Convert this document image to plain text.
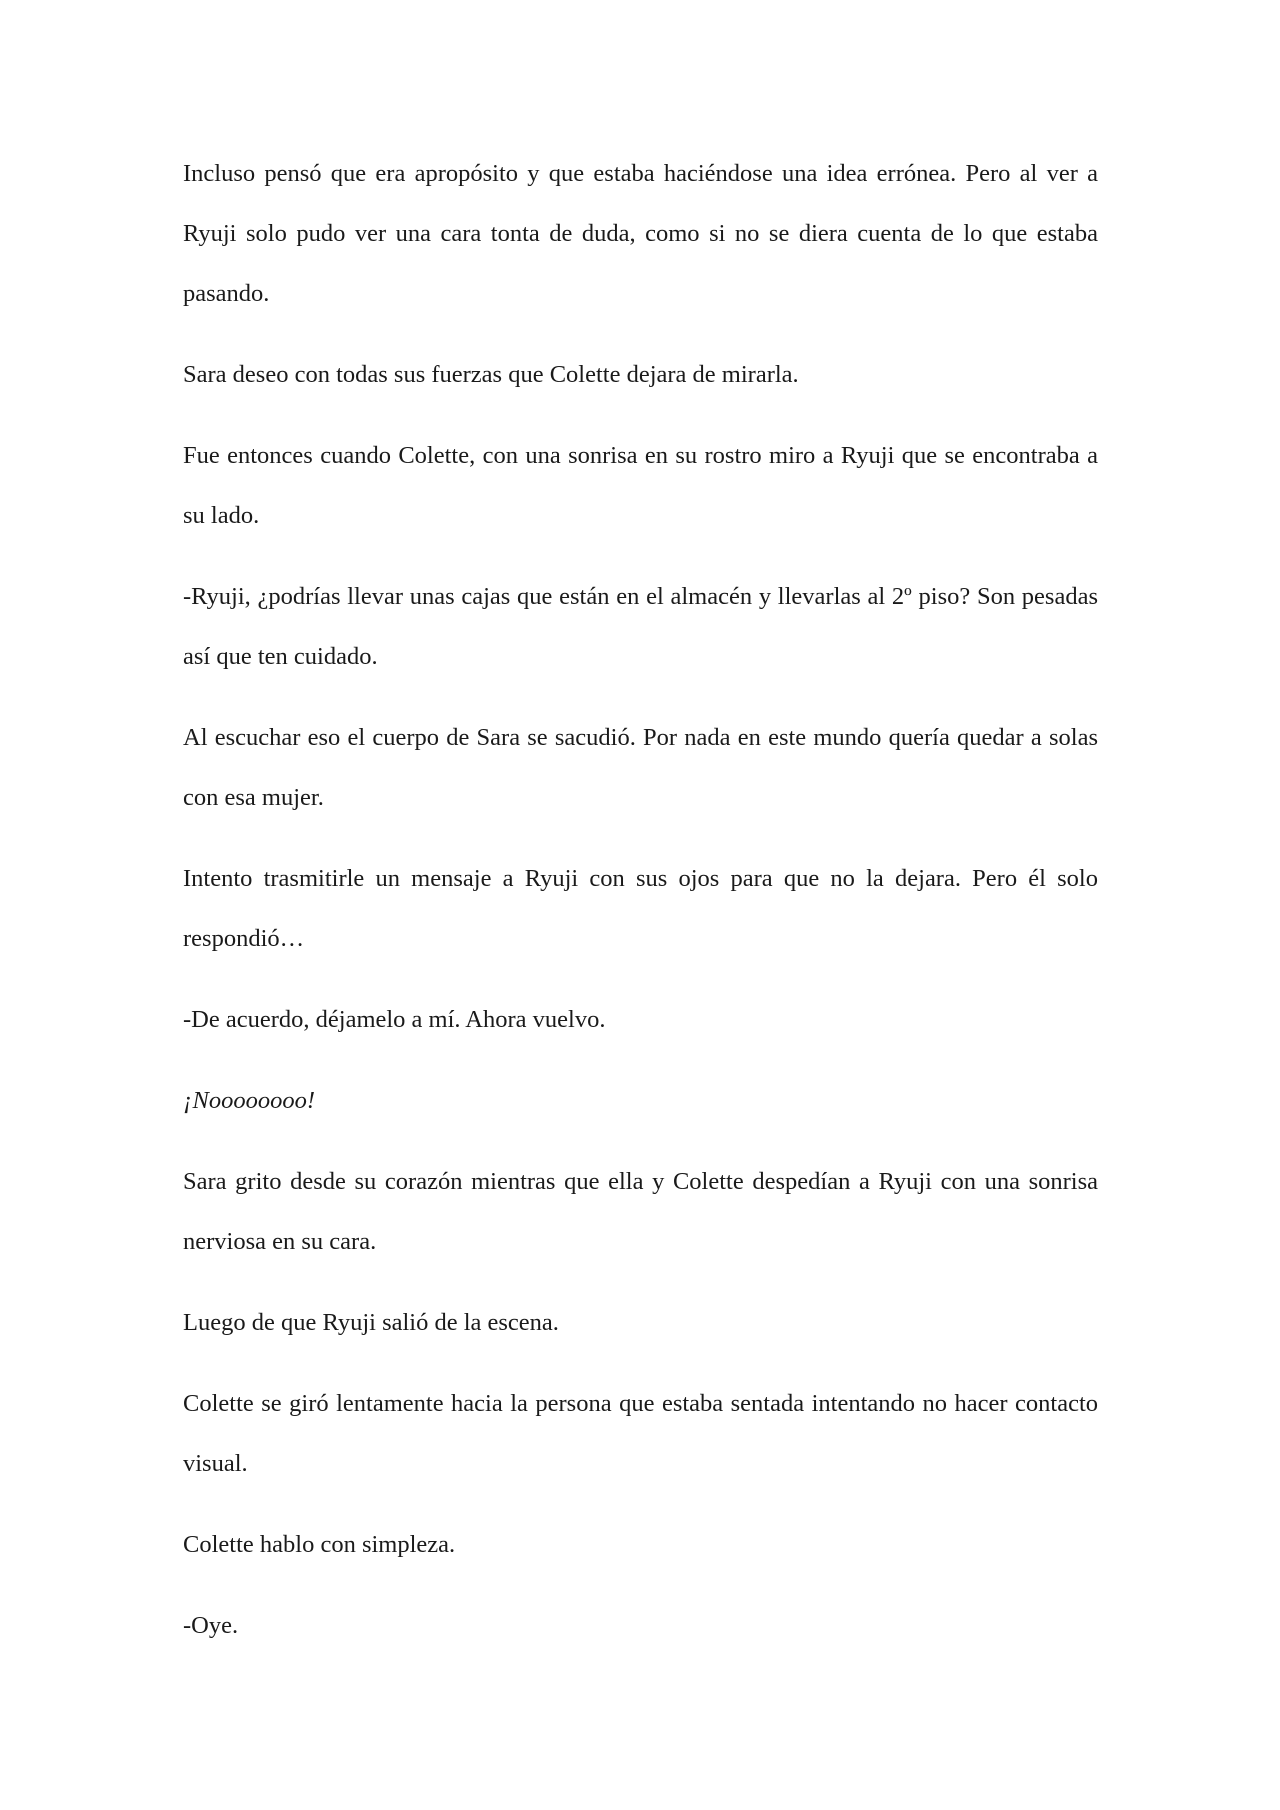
Incluso pensó que era apropósito y que estaba haciéndose una idea errónea. Pero al ver a Ryuji solo pudo ver una cara tonta de duda, como si no se diera cuenta de lo que estaba pasando.

Sara deseo con todas sus fuerzas que Colette dejara de mirarla.

Fue entonces cuando Colette, con una sonrisa en su rostro miro a Ryuji que se encontraba a su lado.

-Ryuji, ¿podrías llevar unas cajas que están en el almacén y llevarlas al 2º piso? Son pesadas así que ten cuidado.

Al escuchar eso el cuerpo de Sara se sacudió. Por nada en este mundo quería quedar a solas con esa mujer.

Intento trasmitirle un mensaje a Ryuji con sus ojos para que no la dejara. Pero él solo respondió…

-De acuerdo, déjamelo a mí. Ahora vuelvo.

¡Noooooooo!

Sara grito desde su corazón mientras que ella y Colette despedían a Ryuji con una sonrisa nerviosa en su cara.

Luego de que Ryuji salió de la escena.

Colette se giró lentamente hacia la persona que estaba sentada intentando no hacer contacto visual.

Colette hablo con simpleza.

-Oye.
